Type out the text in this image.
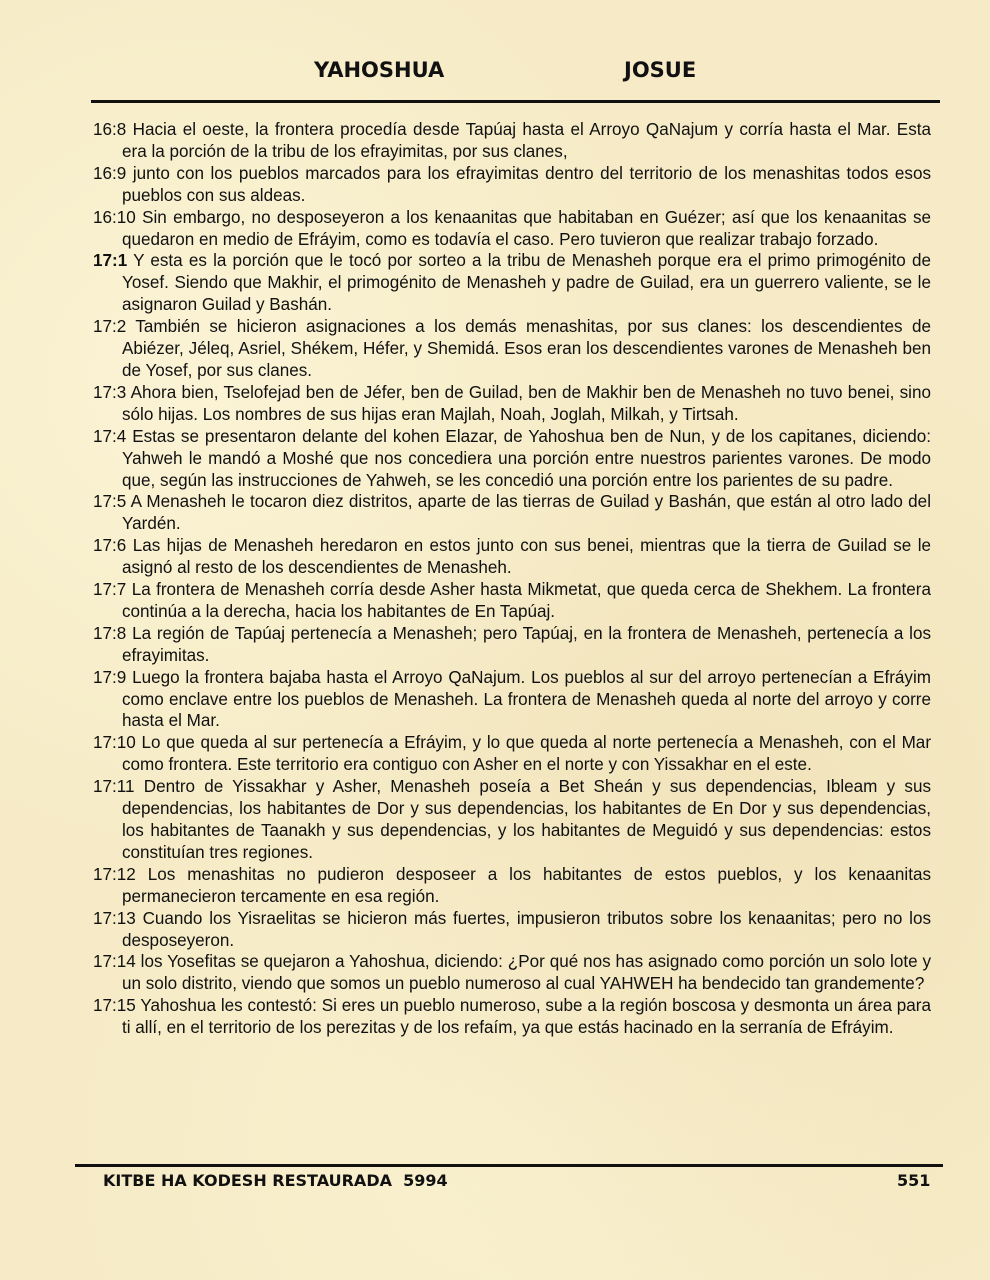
YAHOSHUA	JOSUE

16:8 Hacia el oeste, la frontera procedía desde Tapúaj hasta el Arroyo QaNajum y corría hasta el Mar. Esta era la porción de la tribu de los efrayimitas, por sus clanes,

16:9 junto con los pueblos marcados para los efrayimitas dentro del territorio de los menashitas todos esos pueblos con sus aldeas.

16:10 Sin embargo, no desposeyeron a los kenaanitas que habitaban en Guézer; así que los kenaanitas se quedaron en medio de Efráyim, como es todavía el caso. Pero tuvieron que realizar trabajo forzado.

17:1 Y esta es la porción que le tocó por sorteo a la tribu de Menasheh porque era el primo primogénito de Yosef. Siendo que Makhir, el primogénito de Menasheh y padre de Guilad, era un guerrero valiente, se le asignaron Guilad y Bashán.

17:2 También se hicieron asignaciones a los demás menashitas, por sus clanes: los descendientes de Abiézer, Jéleq, Asriel, Shékem, Héfer, y Shemidá. Esos eran los descendientes varones de Menasheh ben de Yosef, por sus clanes.

17:3 Ahora bien, Tselofejad ben de Jéfer, ben de Guilad, ben de Makhir ben de Menasheh no tuvo benei, sino sólo hijas. Los nombres de sus hijas eran Majlah, Noah, Joglah, Milkah, y Tirtsah.

17:4 Estas se presentaron delante del kohen Elazar, de Yahoshua ben de Nun, y de los capitanes, diciendo: Yahweh le mandó a Moshé que nos concediera una porción entre nuestros parientes varones. De modo que, según las instrucciones de Yahweh, se les concedió una porción entre los parientes de su padre.

17:5 A Menasheh le tocaron diez distritos, aparte de las tierras de Guilad y Bashán, que están al otro lado del Yardén.

17:6 Las hijas de Menasheh heredaron en estos junto con sus benei, mientras que la tierra de Guilad se le asignó al resto de los descendientes de Menasheh.

17:7 La frontera de Menasheh corría desde Asher hasta Mikmetat, que queda cerca de Shekhem. La frontera continúa a la derecha, hacia los habitantes de En Tapúaj.

17:8 La región de Tapúaj pertenecía a Menasheh; pero Tapúaj, en la frontera de Menasheh, pertenecía a los efrayimitas.

17:9 Luego la frontera bajaba hasta el Arroyo QaNajum. Los pueblos al sur del arroyo pertenecían a Efráyim como enclave entre los pueblos de Menasheh. La frontera de Menasheh queda al norte del arroyo y corre hasta el Mar.

17:10 Lo que queda al sur pertenecía a Efráyim, y lo que queda al norte pertenecía a Menasheh, con el Mar como frontera. Este territorio era contiguo con Asher en el norte y con Yissakhar en el este.

17:11 Dentro de Yissakhar y Asher, Menasheh poseía a Bet Sheán y sus dependencias, Ibleam y sus dependencias, los habitantes de Dor y sus dependencias, los habitantes de En Dor y sus dependencias, los habitantes de Taanakh y sus dependencias, y los habitantes de Meguidó y sus dependencias: estos constituían tres regiones.

17:12 Los menashitas no pudieron desposeer a los habitantes de estos pueblos, y los kenaanitas permanecieron tercamente en esa región.

17:13 Cuando los Yisraelitas se hicieron más fuertes, impusieron tributos sobre los kenaanitas; pero no los desposeyeron.

17:14 los Yosefitas se quejaron a Yahoshua, diciendo: ¿Por qué nos has asignado como porción un solo lote y un solo distrito, viendo que somos un pueblo numeroso al cual YAHWEH ha bendecido tan grandemente?

17:15 Yahoshua les contestó: Si eres un pueblo numeroso, sube a la región boscosa y desmonta un área para ti allí, en el territorio de los perezitas y de los refaím, ya que estás hacinado en la serranía de Efráyim.

KITBE HA KODESH RESTAURADA  5994	551
